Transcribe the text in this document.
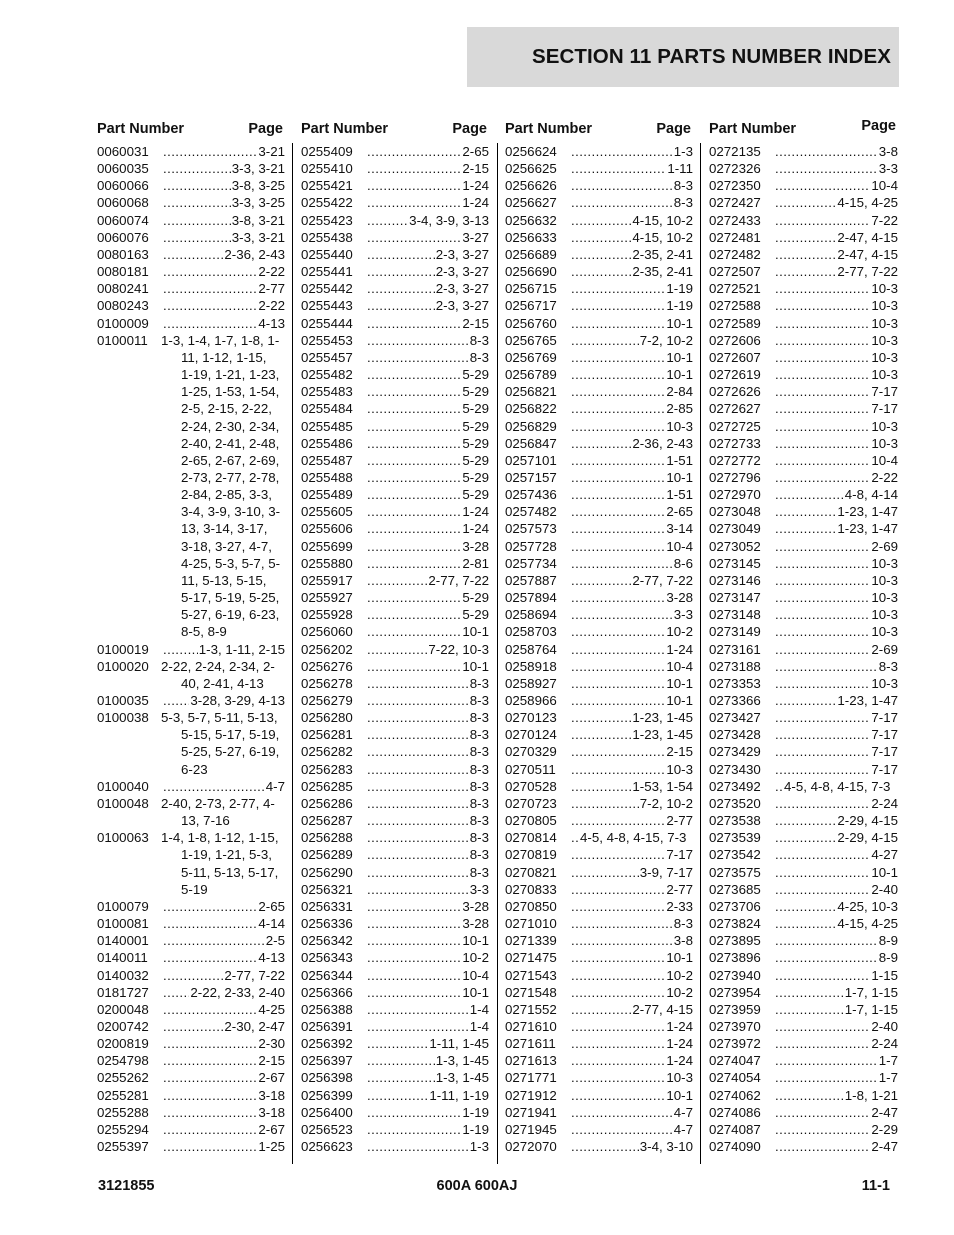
SECTION 11 PARTS NUMBER INDEX
Part Number	Page
0060031 .....	3-21
0060035 .....	3-3, 3-21
0060066 .....	3-8, 3-25
0060068 .....	3-3, 3-25
0060074 .....	3-8, 3-21
0060076 .....	3-3, 3-21
0080163 .....	2-36, 2-43
0080181 .....	2-22
0080241 .....	2-77
0080243 .....	2-22
0100009 .....	4-13
0100011 1-3, 1-4, 1-7, 1-8, 1-
11, 1-12, 1-15,
1-19, 1-21, 1-23,
1-25, 1-53, 1-54,
2-5, 2-15, 2-22,
2-24, 2-30, 2-34,
2-40, 2-41, 2-48,
2-65, 2-67, 2-69,
2-73, 2-77, 2-78,
2-84, 2-85, 3-3,
3-4, 3-9, 3-10, 3-
13, 3-14, 3-17,
3-18, 3-27, 4-7,
4-25, 5-3, 5-7, 5-
11, 5-13, 5-15,
5-17, 5-19, 5-25,
5-27, 6-19, 6-23,
8-5, 8-9
0100019 .....	1-3, 1-11, 2-15
0100020 2-22, 2-24, 2-34, 2-
40, 2-41, 4-13
0100035 .....	3-28, 3-29, 4-13
0100038 5-3, 5-7, 5-11, 5-13,
5-15, 5-17, 5-19,
5-25, 5-27, 6-19,
6-23
0100040 .....	4-7
0100048 2-40, 2-73, 2-77, 4-
13, 7-16
0100063 1-4, 1-8, 1-12, 1-15,
1-19, 1-21, 5-3,
5-11, 5-13, 5-17,
5-19
0100079 .....	2-65
0100081 .....	4-14
0140001 .....	2-5
0140011 .....	4-13
0140032 .....	2-77, 7-22
0181727 .....	2-22, 2-33, 2-40
0200048 .....	4-25
0200742 .....	2-30, 2-47
0200819 .....	2-30
0254798 .....	2-15
0255262 .....	2-67
0255281 .....	3-18
0255288 .....	3-18
0255294 .....	2-67
0255397 .....	1-25
Part Number	Page
0255409 .....	2-65
0255410 .....	2-15
0255421 .....	1-24
0255422 .....	1-24
0255423 .....	3-4, 3-9, 3-13
0255438 .....	3-27
0255440 .....	2-3, 3-27
0255441 .....	2-3, 3-27
0255442 .....	2-3, 3-27
0255443 .....	2-3, 3-27
0255444 .....	2-15
0255453 .....	8-3
0255457 .....	8-3
0255482 .....	5-29
0255483 .....	5-29
0255484 .....	5-29
0255485 .....	5-29
0255486 .....	5-29
0255487 .....	5-29
0255488 .....	5-29
0255489 .....	5-29
0255605 .....	1-24
0255606 .....	1-24
0255699 .....	3-28
0255880 .....	2-81
0255917 .....	2-77, 7-22
0255927 .....	5-29
0255928 .....	5-29
0256060 .....	10-1
0256202 .....	7-22, 10-3
0256276 .....	10-1
0256278 .....	8-3
0256279 .....	8-3
0256280 .....	8-3
0256281 .....	8-3
0256282 .....	8-3
0256283 .....	8-3
0256285 .....	8-3
0256286 .....	8-3
0256287 .....	8-3
0256288 .....	8-3
0256289 .....	8-3
0256290 .....	8-3
0256321 .....	3-3
0256331 .....	3-28
0256336 .....	3-28
0256342 .....	10-1
0256343 .....	10-2
0256344 .....	10-4
0256366 .....	10-1
0256388 .....	1-4
0256391 .....	1-4
0256392 .....	1-11, 1-45
0256397 .....	1-3, 1-45
0256398 .....	1-3, 1-45
0256399 .....	1-11, 1-19
0256400 .....	1-19
0256523 .....	1-19
0256623 .....	1-3
Part Number	Page
0256624 .....	1-3
0256625 .....	1-11
0256626 .....	8-3
0256627 .....	8-3
0256632 .....	4-15, 10-2
0256633 .....	4-15, 10-2
0256689 .....	2-35, 2-41
0256690 .....	2-35, 2-41
0256715 .....	1-19
0256717 .....	1-19
0256760 .....	10-1
0256765 .....	7-2, 10-2
0256769 .....	10-1
0256789 .....	10-1
0256821 .....	2-84
0256822 .....	2-85
0256829 .....	10-3
0256847 .....	2-36, 2-43
0257101 .....	1-51
0257157 .....	10-1
0257436 .....	1-51
0257482 .....	2-65
0257573 .....	3-14
0257728 .....	10-4
0257734 .....	8-6
0257887 .....	2-77, 7-22
0257894 .....	3-28
0258694 .....	3-3
0258703 .....	10-2
0258764 .....	1-24
0258918 .....	10-4
0258927 .....	10-1
0258966 .....	10-1
0270123 .....	1-23, 1-45
0270124 .....	1-23, 1-45
0270329 .....	2-15
0270511 .....	10-3
0270528 .....	1-53, 1-54
0270723 .....	7-2, 10-2
0270805 .....	2-77
0270814 .....	4-5, 4-8, 4-15, 7-3
0270819 .....	7-17
0270821 .....	3-9, 7-17
0270833 .....	2-77
0270850 .....	2-33
0271010 .....	8-3
0271339 .....	3-8
0271475 .....	10-1
0271543 .....	10-2
0271548 .....	10-2
0271552 .....	2-77, 4-15
0271610 .....	1-24
0271611 .....	1-24
0271613 .....	1-24
0271771 .....	10-3
0271912 .....	10-1
0271941 .....	4-7
0271945 .....	4-7
0272070 .....	3-4, 3-10
Part Number	Page
0272135 .....	3-8
0272326 .....	3-3
0272350 .....	10-4
0272427 .....	4-15, 4-25
0272433 .....	7-22
0272481 .....	2-47, 4-15
0272482 .....	2-47, 4-15
0272507 .....	2-77, 7-22
0272521 .....	10-3
0272588 .....	10-3
0272589 .....	10-3
0272606 .....	10-3
0272607 .....	10-3
0272619 .....	10-3
0272626 .....	7-17
0272627 .....	7-17
0272725 .....	10-3
0272733 .....	10-3
0272772 .....	10-4
0272796 .....	2-22
0272970 .....	4-8, 4-14
0273048 .....	1-23, 1-47
0273049 .....	1-23, 1-47
0273052 .....	2-69
0273145 .....	10-3
0273146 .....	10-3
0273147 .....	10-3
0273148 .....	10-3
0273149 .....	10-3
0273161 .....	2-69
0273188 .....	8-3
0273353 .....	10-3
0273366 .....	1-23, 1-47
0273427 .....	7-17
0273428 .....	7-17
0273429 .....	7-17
0273430 .....	7-17
0273492 .....	4-5, 4-8, 4-15, 7-3
0273520 .....	2-24
0273538 .....	2-29, 4-15
0273539 .....	2-29, 4-15
0273542 .....	4-27
0273575 .....	10-1
0273685 .....	2-40
0273706 .....	4-25, 10-3
0273824 .....	4-15, 4-25
0273895 .....	8-9
0273896 .....	8-9
0273940 .....	1-15
0273954 .....	1-7, 1-15
0273959 .....	1-7, 1-15
0273970 .....	2-40
0273972 .....	2-24
0274047 .....	1-7
0274054 .....	1-7
0274062 .....	1-8, 1-21
0274086 .....	2-47
0274087 .....	2-29
0274090 .....	2-47
3121855	600A 600AJ	11-1
